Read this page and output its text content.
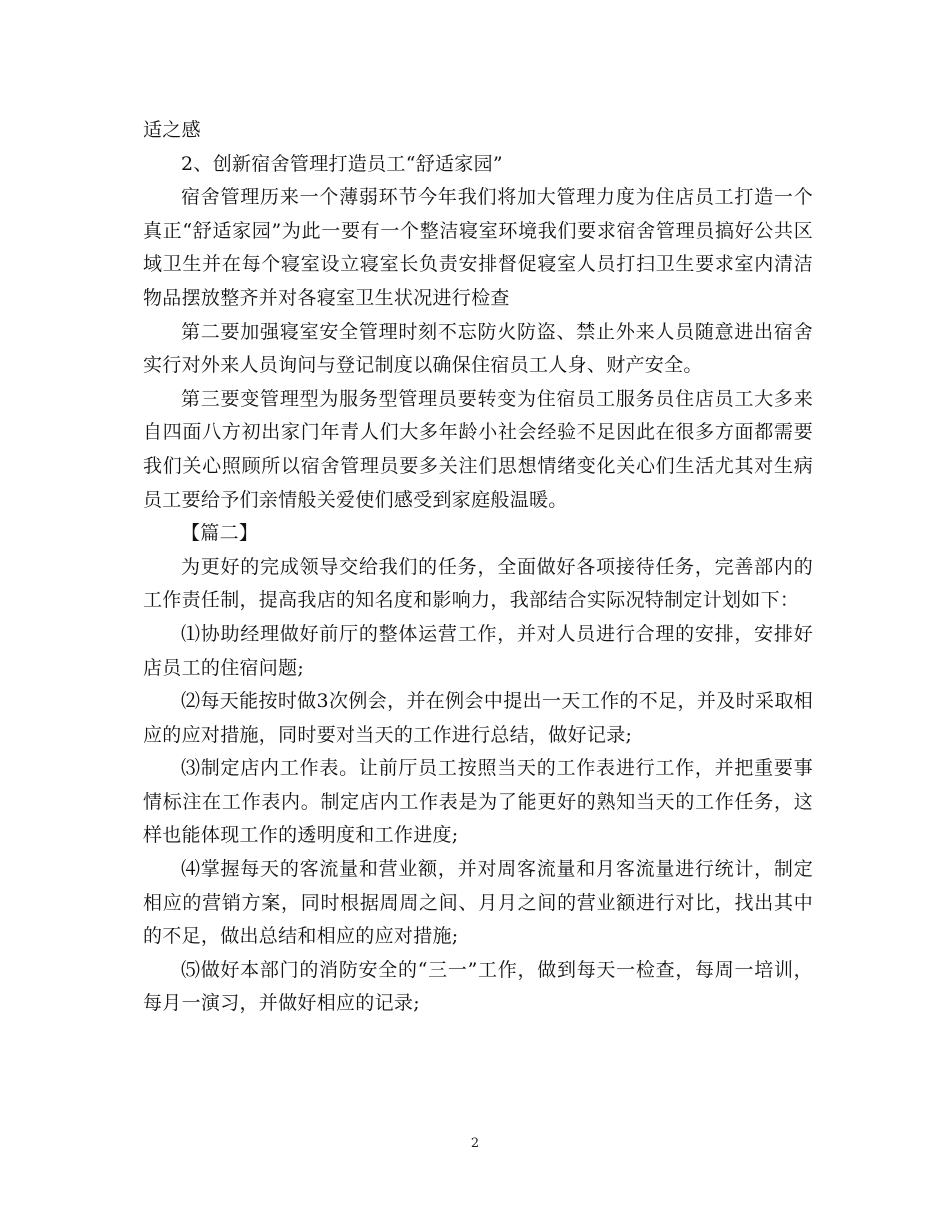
适之感

2、创新宿舍管理打造员工“舒适家园”

宿舍管理历来一个薄弱环节今年我们将加大管理力度为住店员工打造一个真正“舒适家园”为此一要有一个整洁寝室环境我们要求宿舍管理员搞好公共区域卫生并在每个寝室设立寝室长负责安排督促寝室人员打扫卫生要求室内清洁物品摆放整齐并对各寝室卫生状况进行检查

第二要加强寝室安全管理时刻不忘防火防盗、禁止外来人员随意进出宿舍实行对外来人员询问与登记制度以确保住宿员工人身、财产安全。

第三要变管理型为服务型管理员要转变为住宿员工服务员住店员工大多来自四面八方初出家门年青人们大多年龄小社会经验不足因此在很多方面都需要我们关心照顾所以宿舍管理员要多关注们思想情绪变化关心们生活尤其对生病员工要给予们亲情般关爱使们感受到家庭般温暖。

【篇二】

为更好的完成领导交给我们的任务，全面做好各项接待任务，完善部内的工作责任制，提高我店的知名度和影响力，我部结合实际况特制定计划如下：

⑴协助经理做好前厅的整体运营工作，并对人员进行合理的安排，安排好店员工的住宿问题;

⑵每天能按时做3次例会，并在例会中提出一天工作的不足，并及时采取相应的应对措施，同时要对当天的工作进行总结，做好记录;

⑶制定店内工作表。让前厅员工按照当天的工作表进行工作，并把重要事情标注在工作表内。制定店内工作表是为了能更好的熟知当天的工作任务，这样也能体现工作的透明度和工作进度;

⑷掌握每天的客流量和营业额，并对周客流量和月客流量进行统计，制定相应的营销方案，同时根据周周之间、月月之间的营业额进行对比，找出其中的不足，做出总结和相应的应对措施;

⑸做好本部门的消防安全的“三一”工作，做到每天一检查，每周一培训，每月一演习，并做好相应的记录;

2
